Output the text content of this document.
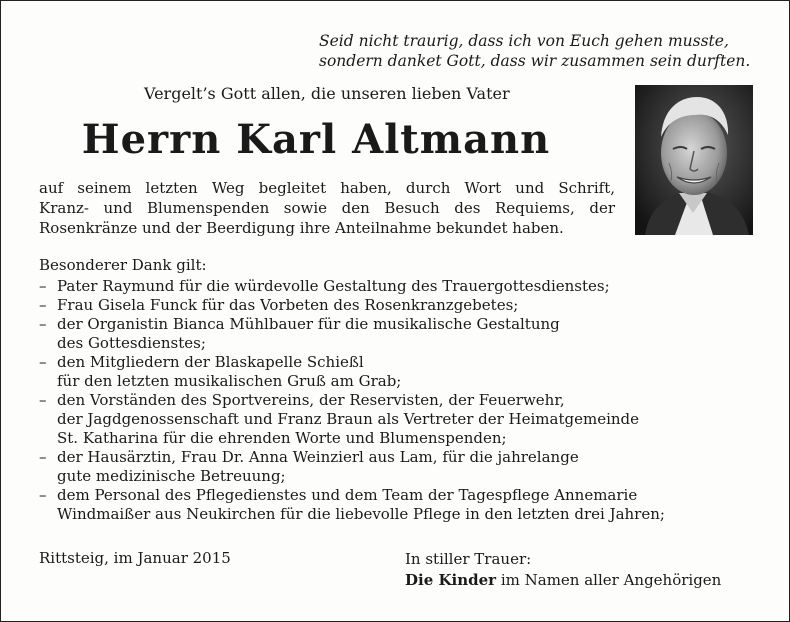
Seid nicht traurig, dass ich von Euch gehen musste,
sondern danket Gott, dass wir zusammen sein durften.
Vergelt’s Gott allen, die unseren lieben Vater
Herrn Karl Altmann
auf seinem letzten Weg begleitet haben, durch Wort und Schrift,
Kranz- und Blumenspenden sowie den Besuch des Requiems, der
Rosenkränze und der Beerdigung ihre Anteilnahme bekundet haben.
Besonderer Dank gilt:
– Pater Raymund für die würdevolle Gestaltung des Trauergottesdienstes;
– Frau Gisela Funck für das Vorbeten des Rosenkranzgebetes;
– der Organistin Bianca Mühlbauer für die musikalische Gestaltung
des Gottesdienstes;
– den Mitgliedern der Blaskapelle Schießl
für den letzten musikalischen Gruß am Grab;
– den Vorständen des Sportvereins, der Reservisten, der Feuerwehr,
der Jagdgenossenschaft und Franz Braun als Vertreter der Heimatgemeinde
St. Katharina für die ehrenden Worte und Blumenspenden;
– der Hausärztin, Frau Dr. Anna Weinzierl aus Lam, für die jahrelange
gute medizinische Betreuung;
– dem Personal des Pflegedienstes und dem Team der Tagespflege Annemarie
Windmaißer aus Neukirchen für die liebevolle Pflege in den letzten drei Jahren;
Rittsteig, im Januar 2015	In stiller Trauer:
Die Kinder im Namen aller Angehörigen
